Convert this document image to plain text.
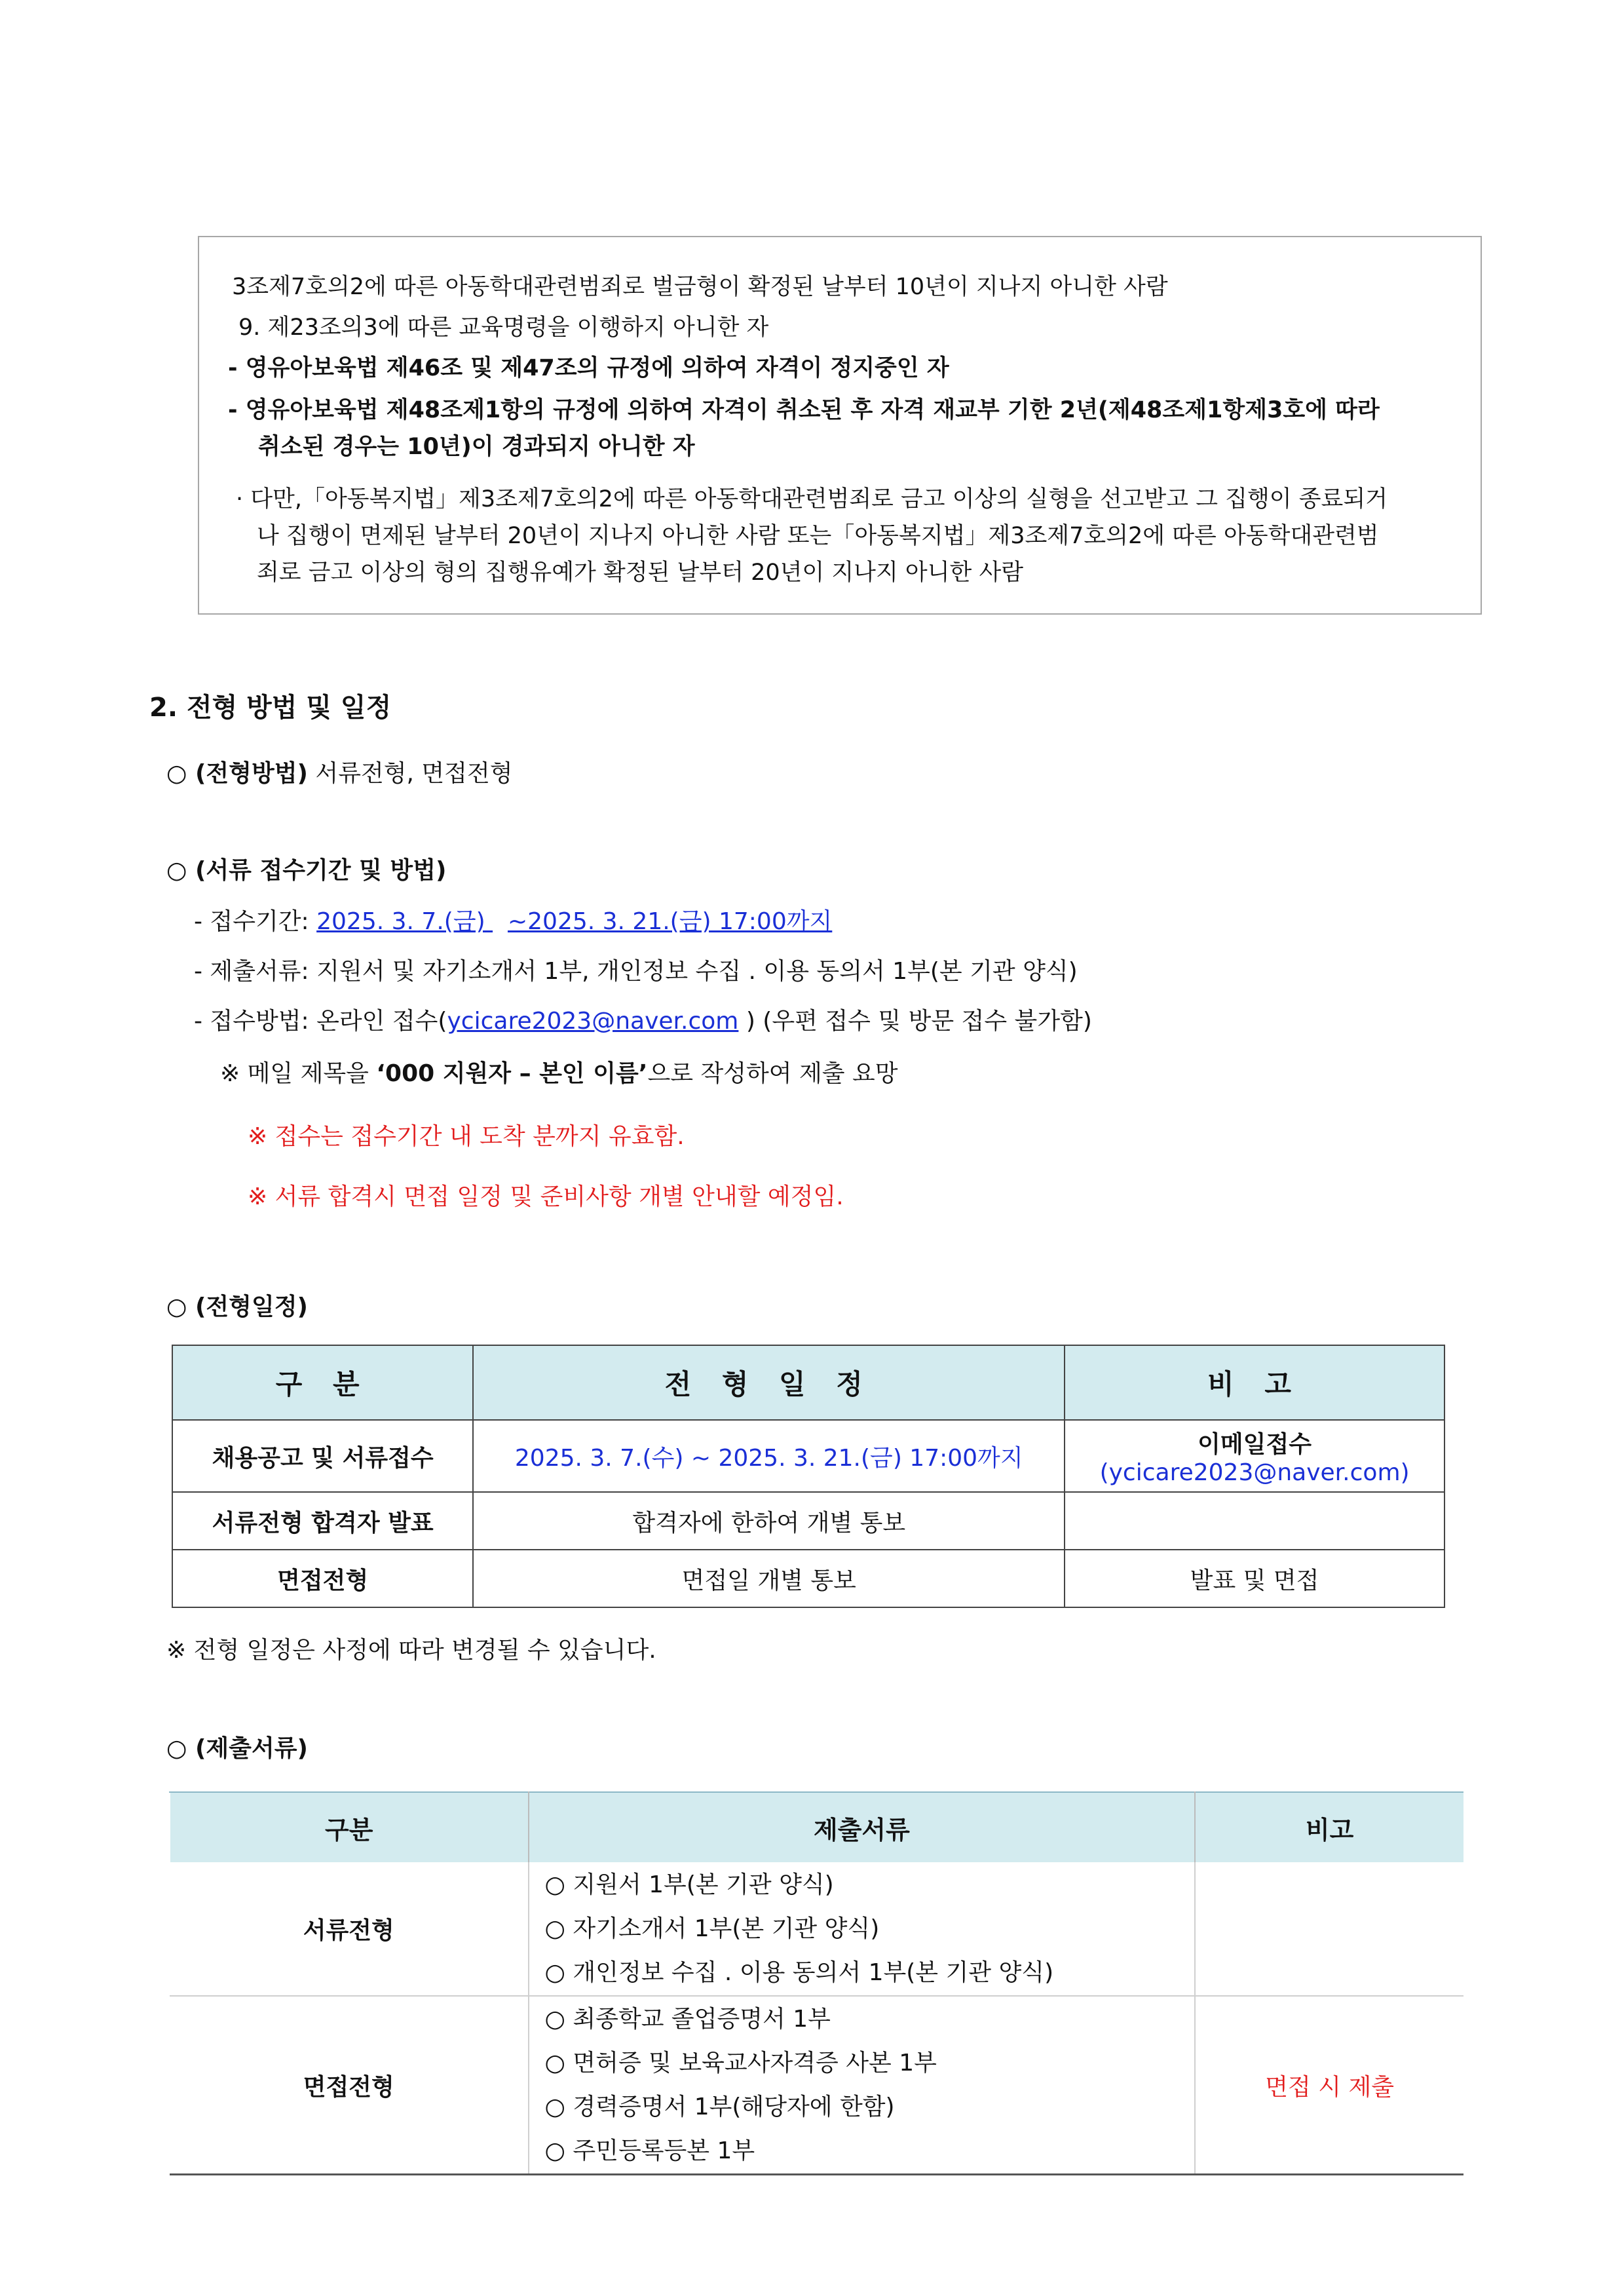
3조제7호의2에 따른 아동학대관련범죄로 벌금형이 확정된 날부터 10년이 지나지 아니한 사람
9. 제23조의3에 따른 교육명령을 이행하지 아니한 자
- 영유아보육법 제46조 및 제47조의 규정에 의하여 자격이 정지중인 자
- 영유아보육법 제48조제1항의 규정에 의하여 자격이 취소된 후 자격 재교부 기한 2년(제48조제1항제3호에 따라
취소된 경우는 10년)이 경과되지 아니한 자
· 다만,「아동복지법」제3조제7호의2에 따른 아동학대관련범죄로 금고 이상의 실형을 선고받고 그 집행이 종료되거
나 집행이 면제된 날부터 20년이 지나지 아니한 사람 또는「아동복지법」제3조제7호의2에 따른 아동학대관련범
죄로 금고 이상의 형의 집행유예가 확정된 날부터 20년이 지나지 아니한 사람
2. 전형 방법 및 일정
○ (전형방법) 서류전형, 면접전형
○ (서류 접수기간 및 방법)
- 접수기간: 2025. 3. 7.(금)   ~2025. 3. 21.(금) 17:00까지
- 제출서류: 지원서 및 자기소개서 1부, 개인정보 수집 . 이용 동의서 1부(본 기관 양식)
- 접수방법: 온라인 접수(ycicare2023@naver.com ) (우편 접수 및 방문 접수 불가함)
※ 메일 제목을 ‘000 지원자 – 본인 이름’으로 작성하여 제출 요망
※ 접수는 접수기간 내 도착 분까지 유효함.
※ 서류 합격시 면접 일정 및 준비사항 개별 안내할 예정임.
○ (전형일정)
구 분	전 형 일 정	비 고
채용공고 및 서류접수	2025. 3. 7.(수) ~ 2025. 3. 21.(금) 17:00까지	이메일접수
(ycicare2023@naver.com)

서류전형 합격자 발표	합격자에 한하여 개별 통보	
면접전형	면접일 개별 통보	발표 및 면접
※ 전형 일정은 사정에 따라 변경될 수 있습니다.
○ (제출서류)
구분	제출서류	비고
서류전형	○ 지원서 1부(본 기관 양식)
○ 자기소개서 1부(본 기관 양식)
○ 개인정보 수집 . 이용 동의서 1부(본 기관 양식)	

면접전형	○ 최종학교 졸업증명서 1부
○ 면허증 및 보육교사자격증 사본 1부
○ 경력증명서 1부(해당자에 한함)
○ 주민등록등본 1부	면접 시 제출
